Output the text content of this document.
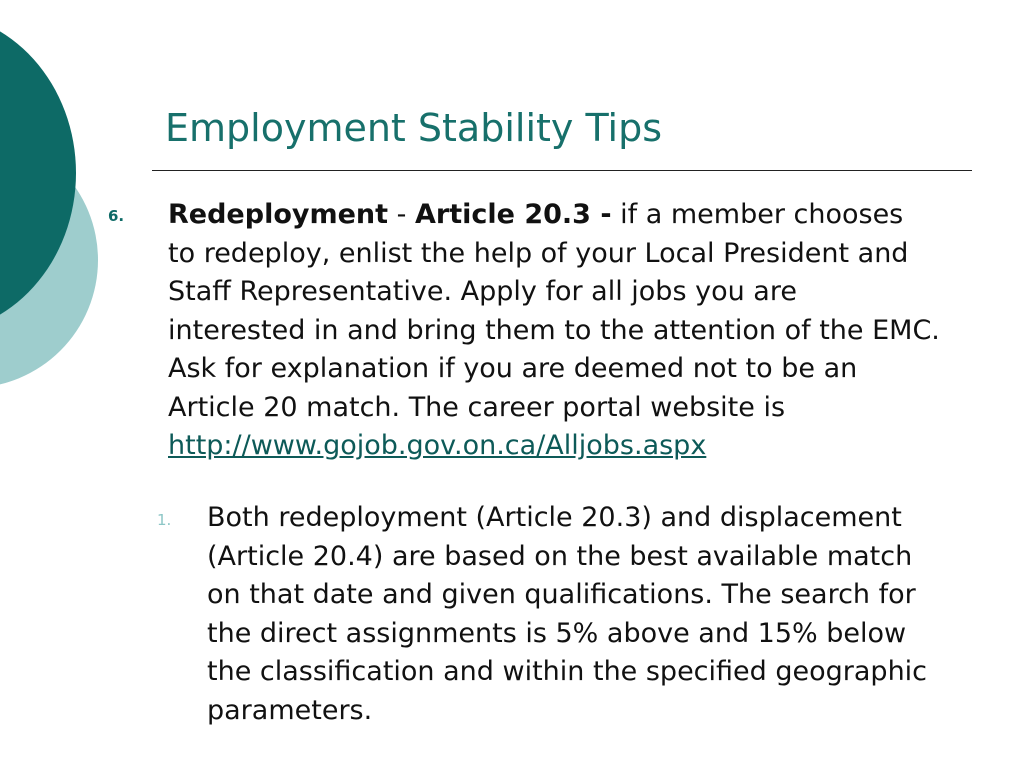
Employment Stability Tips
6. Redeployment - Article 20.3 - if a member chooses
to redeploy, enlist the help of your Local President and
Staff Representative. Apply for all jobs you are
interested in and bring them to the attention of the EMC.
Ask for explanation if you are deemed not to be an
Article 20 match. The career portal website is
http://www.gojob.gov.on.ca/Alljobs.aspx
1. Both redeployment (Article 20.3) and displacement
(Article 20.4) are based on the best available match
on that date and given qualifications. The search for
the direct assignments is 5% above and 15% below
the classification and within the specified geographic
parameters.
